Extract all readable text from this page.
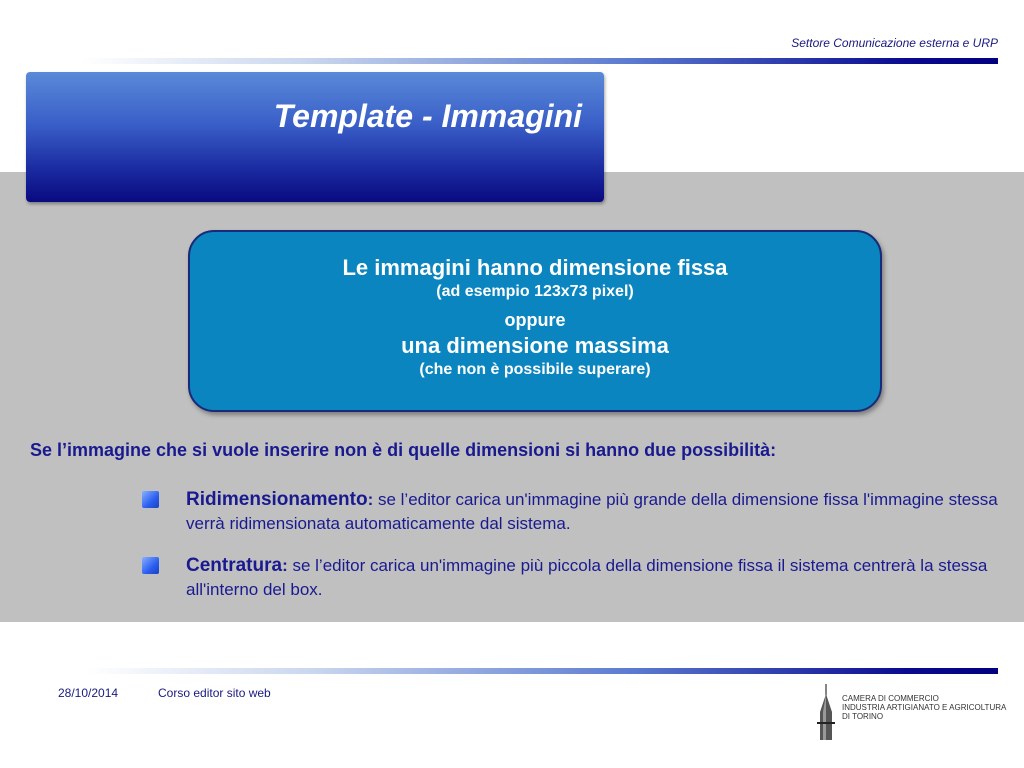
Settore Comunicazione esterna e URP
Template - Immagini
Le immagini hanno dimensione fissa
(ad esempio 123x73 pixel)
oppure
una dimensione massima
(che non è possibile superare)
Se l’immagine che si vuole inserire non è di quelle dimensioni si hanno due possibilità:
Ridimensionamento: se l’editor carica un'immagine più grande della dimensione fissa l'immagine stessa verrà ridimensionata automaticamente dal sistema.
Centratura: se l’editor carica un'immagine più piccola della dimensione fissa il sistema centrerà la stessa all'interno del box.
28/10/2014	Corso editor sito web	CAMERA DI COMMERCIO
INDUSTRIA ARTIGIANATO E AGRICOLTURA
DI TORINO
